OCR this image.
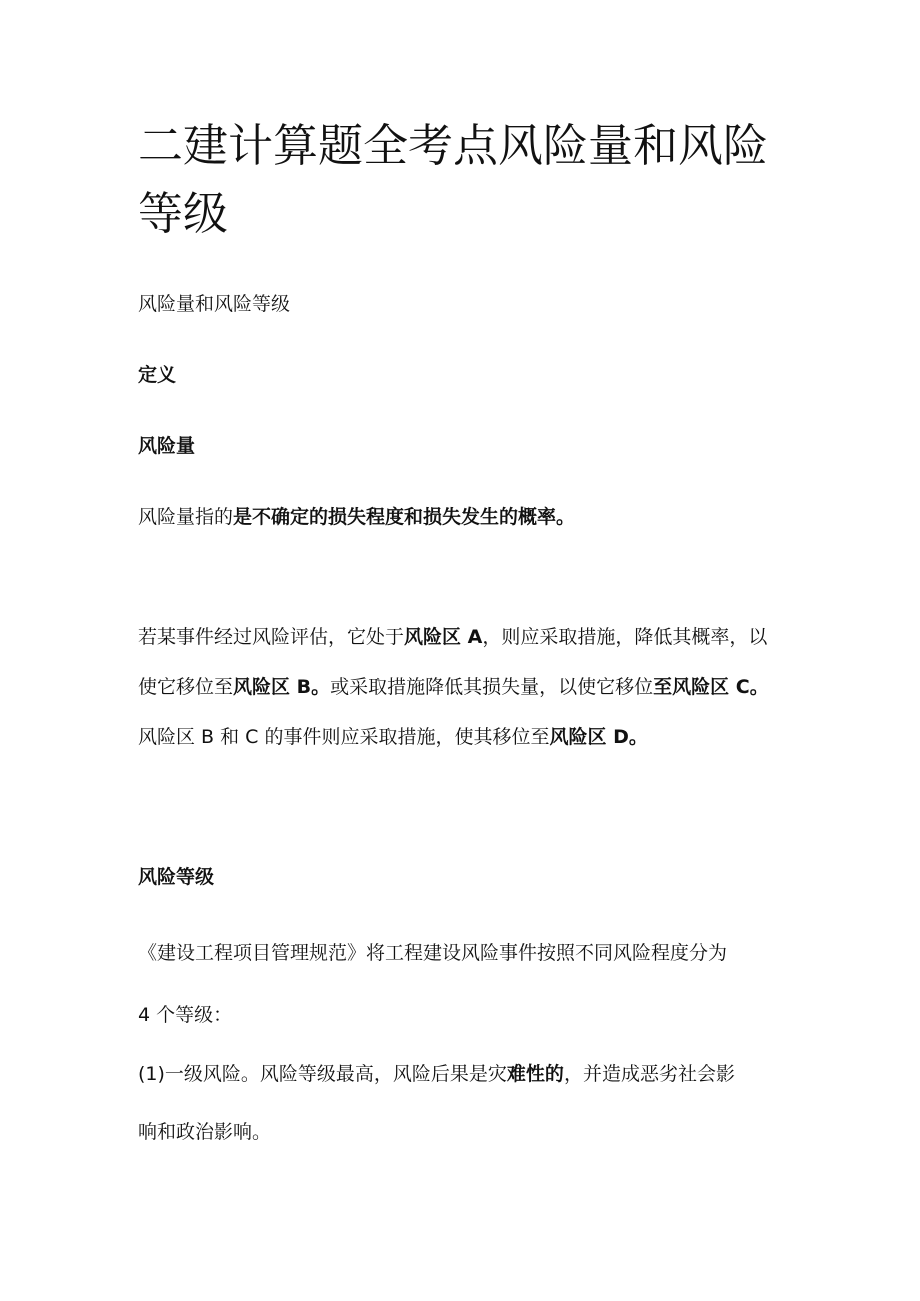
二建计算题全考点风险量和风险等级

风险量和风险等级

定义

风险量

风险量指的是不确定的损失程度和损失发生的概率。

若某事件经过风险评估，它处于风险区 A，则应采取措施，降低其概率，以
使它移位至风险区 B。或采取措施降低其损失量，以使它移位至风险区 C。
风险区 B 和 C 的事件则应采取措施，使其移位至风险区 D。

风险等级

《建设工程项目管理规范》将工程建设风险事件按照不同风险程度分为
4 个等级：
(1)一级风险。风险等级最高，风险后果是灾难性的，并造成恶劣社会影
响和政治影响。
